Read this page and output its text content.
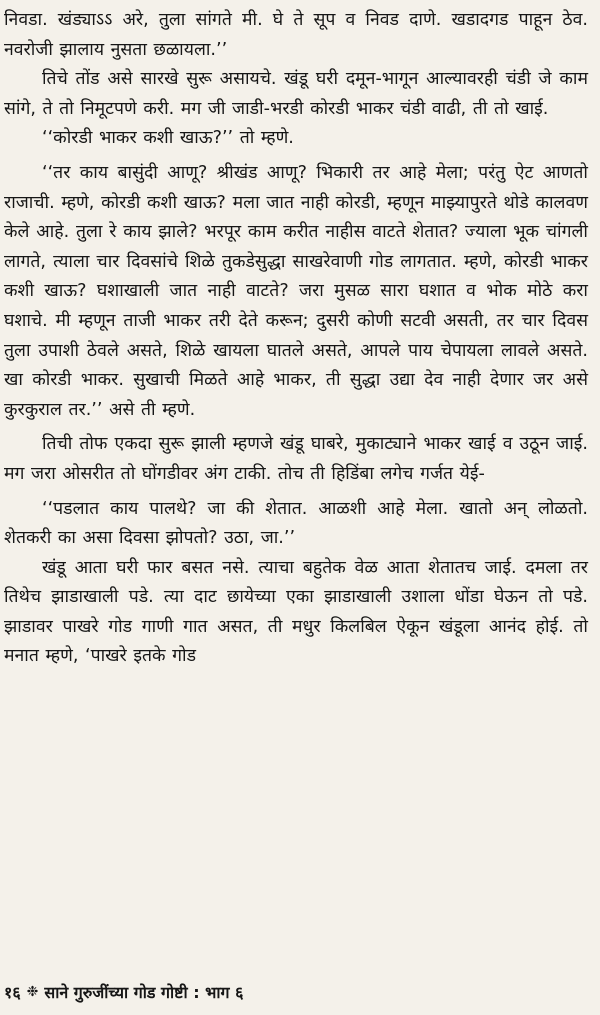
निवडा. खंड्याऽऽ अरे, तुला सांगते मी. घे ते सूप व निवड दाणे. खडादगड पाहून ठेव. नवरोजी झालाय नुसता छळायला.’’

तिचे तोंड असे सारखे सुरू असायचे. खंडू घरी दमून-भागून आल्यावरही चंडी जे काम सांगे, ते तो निमूटपणे करी. मग जी जाडी-भरडी कोरडी भाकर चंडी वाढी, ती तो खाई.

‘‘कोरडी भाकर कशी खाऊ?’’ तो म्हणे.

‘‘तर काय बासुंदी आणू? श्रीखंड आणू? भिकारी तर आहे मेला; परंतु ऐट आणतो राजाची. म्हणे, कोरडी कशी खाऊ? मला जात नाही कोरडी, म्हणून माझ्यापुरते थोडे कालवण केले आहे. तुला रे काय झाले? भरपूर काम करीत नाहीस वाटते शेतात? ज्याला भूक चांगली लागते, त्याला चार दिवसांचे शिळे तुकडेसुद्धा साखरेवाणी गोड लागतात. म्हणे, कोरडी भाकर कशी खाऊ? घशाखाली जात नाही वाटते? जरा मुसळ सारा घशात व भोक मोठे करा घशाचे. मी म्हणून ताजी भाकर तरी देते करून; दुसरी कोणी सटवी असती, तर चार दिवस तुला उपाशी ठेवले असते, शिळे खायला घातले असते, आपले पाय चेपायला लावले असते. खा कोरडी भाकर. सुखाची मिळते आहे भाकर, ती सुद्धा उद्या देव नाही देणार जर असे कुरकुराल तर.’’ असे ती म्हणे.

तिची तोफ एकदा सुरू झाली म्हणजे खंडू घाबरे, मुकाट्याने भाकर खाई व उठून जाई. मग जरा ओसरीत तो घोंगडीवर अंग टाकी. तोच ती हिडिंबा लगेच गर्जत येई-

‘‘पडलात काय पालथे? जा की शेतात. आळशी आहे मेला. खातो अन् लोळतो. शेतकरी का असा दिवसा झोपतो? उठा, जा.’’

खंडू आता घरी फार बसत नसे. त्याचा बहुतेक वेळ आता शेतातच जाई. दमला तर तिथेच झाडाखाली पडे. त्या दाट छायेच्या एका झाडाखाली उशाला धोंडा घेऊन तो पडे. झाडावर पाखरे गोड गाणी गात असत, ती मधुर किलबिल ऐकून खंडूला आनंद होई. तो मनात म्हणे, ‘पाखरे इतके गोड

१६ ❉ साने गुरुजींच्या गोड गोष्टी : भाग ६
